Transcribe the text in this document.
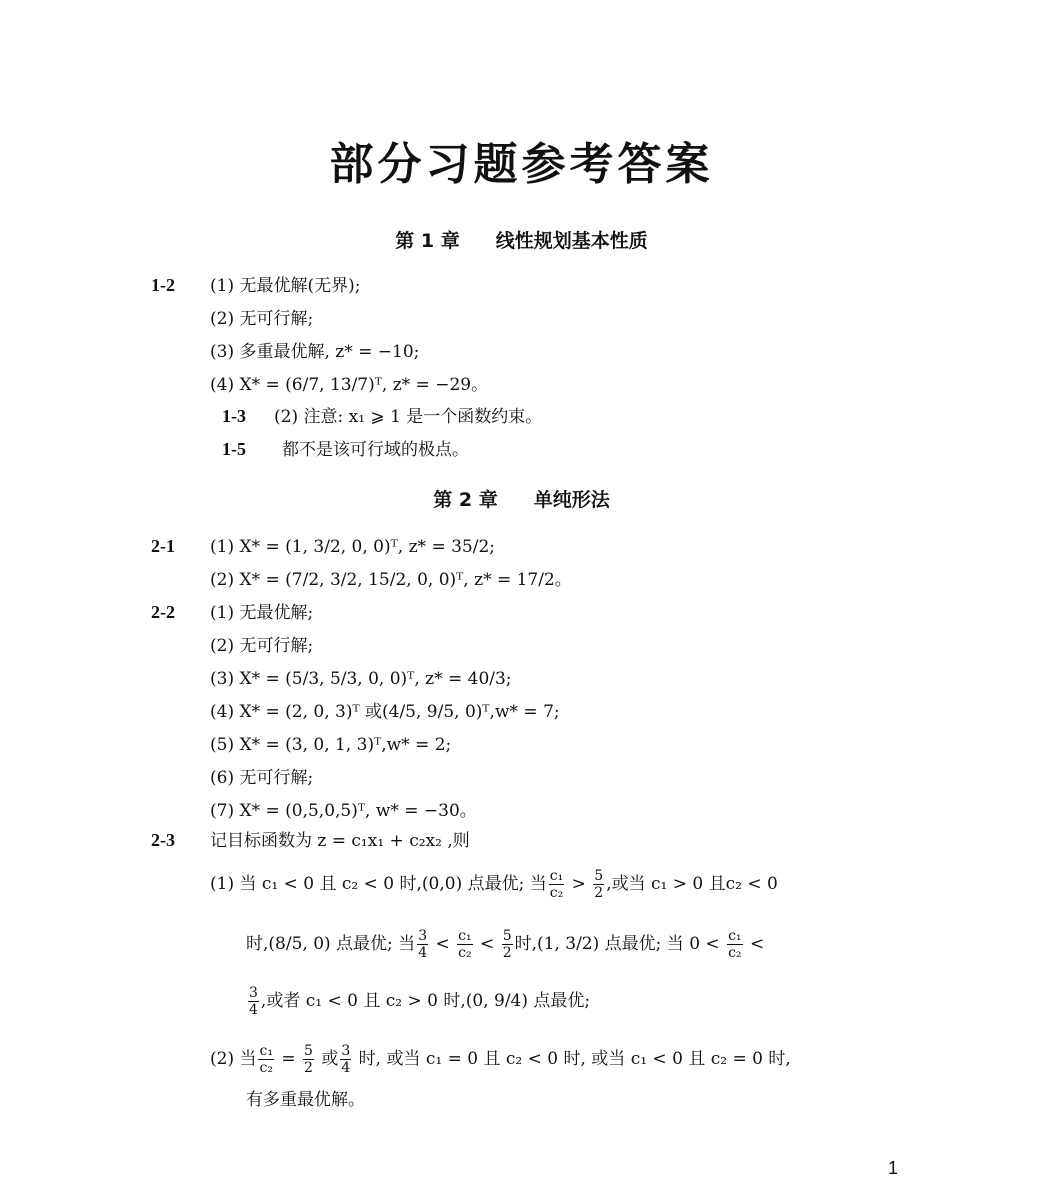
部分习题参考答案
第 1 章 线性规划基本性质
1-2 (1) 无最优解(无界);
(2) 无可行解;
(3) 多重最优解, z* = −10;
(4) X* = (6/7, 13/7)ᵀ, z* = −29。
1-3 (2) 注意: x₁ ⩾ 1 是一个函数约束。
1-5 都不是该可行域的极点。
第 2 章 单纯形法
2-1 (1) X* = (1, 3/2, 0, 0)ᵀ, z* = 35/2;
(2) X* = (7/2, 3/2, 15/2, 0, 0)ᵀ, z* = 17/2。
2-2 (1) 无最优解;
(2) 无可行解;
(3) X* = (5/3, 5/3, 0, 0)ᵀ, z* = 40/3;
(4) X* = (2, 0, 3)ᵀ 或(4/5, 9/5, 0)ᵀ,w* = 7;
(5) X* = (3, 0, 1, 3)ᵀ,w* = 2;
(6) 无可行解;
(7) X* = (0,5,0,5)ᵀ, w* = −30。
2-3 记目标函数为 z = c₁x₁ + c₂x₂ ,则
(1) 当 c₁ < 0 且 c₂ < 0 时,(0,0) 点最优; 当 $\frac{\text{c₁}}{\text{c₂}} > \frac{5}{2}$ ,或当 c₁ > 0 且c₂ < 0
时,(8/5, 0) 点最优; 当 $\frac{3}{4} < \frac{\text{c₁}}{\text{c₂}} < \frac{5}{2}$ 时,(1, 3/2) 点最优; 当 $0 < \frac{\text{c₁}}{\text{c₂}}$ <
$\frac{3}{4}$ ,或者 c₁ < 0 且 c₂ > 0 时,(0, 9/4) 点最优;
(2) 当 $\frac{\text{c₁}}{\text{c₂}} = \frac{5}{2}$ 或 $\frac{3}{4}$ 时, 或当 c₁ = 0 且 c₂ < 0 时, 或当 c₁ < 0 且 c₂ = 0 时,
有多重最优解。
1
